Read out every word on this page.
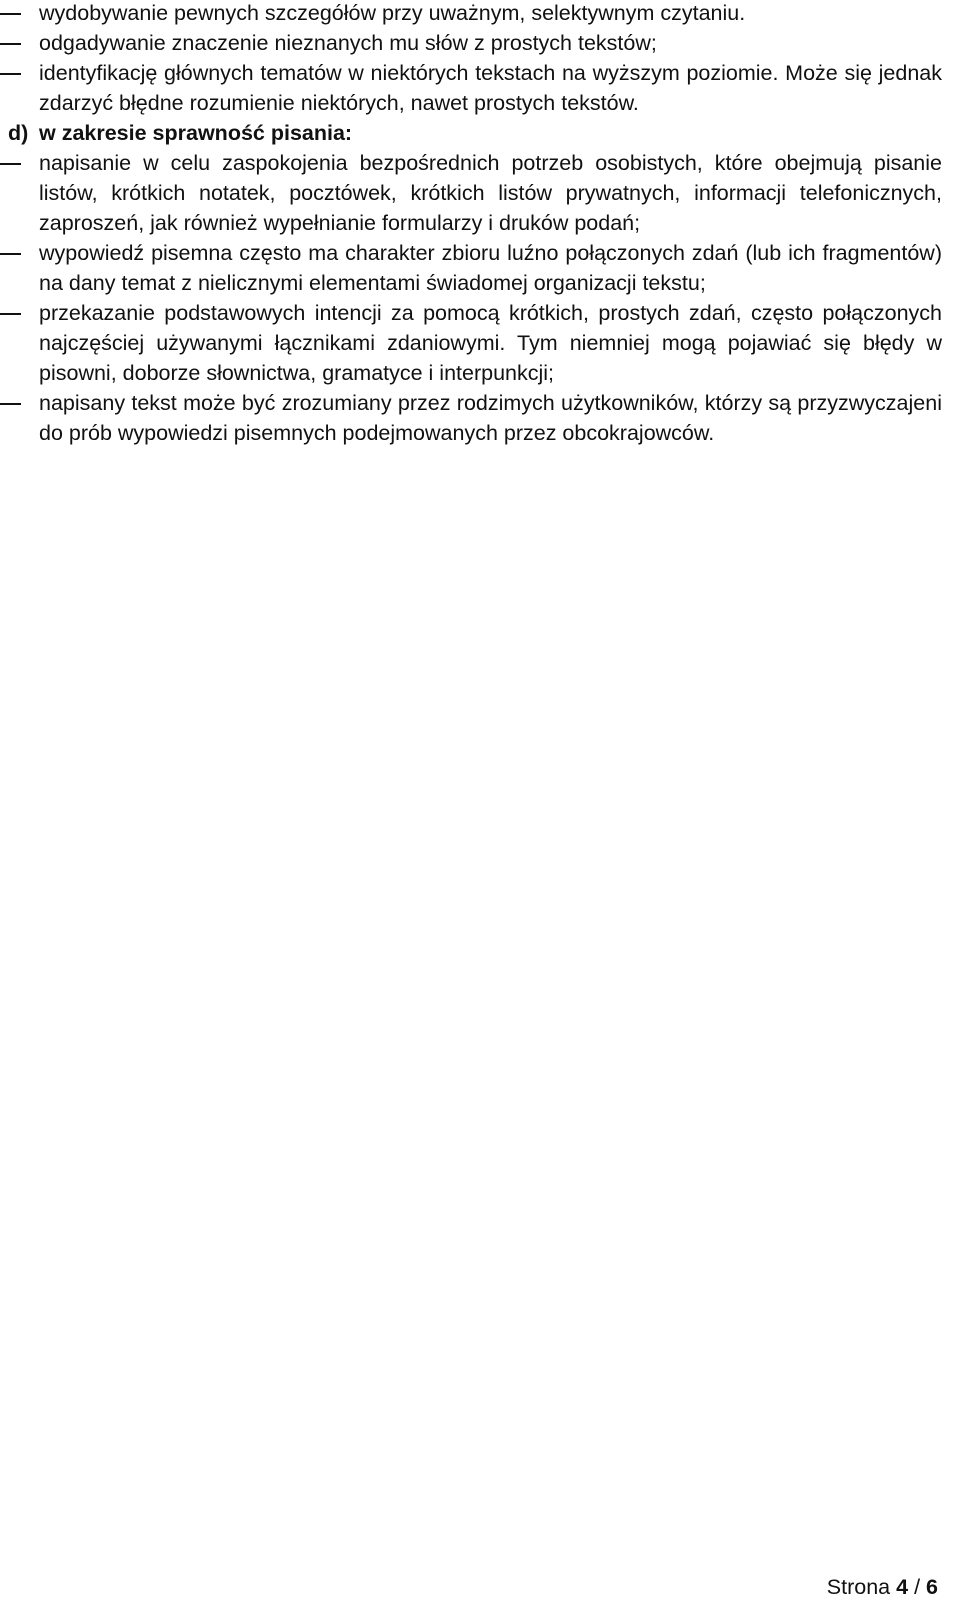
wydobywanie pewnych szczegółów przy uważnym, selektywnym czytaniu.
odgadywanie znaczenie nieznanych mu słów z prostych tekstów;
identyfikację głównych tematów w niektórych tekstach na wyższym poziomie. Może się jednak zdarzyć błędne rozumienie niektórych, nawet prostych tekstów.
d) w zakresie sprawność pisania:
napisanie w celu zaspokojenia bezpośrednich potrzeb osobistych, które obejmują pisanie listów, krótkich notatek, pocztówek, krótkich listów prywatnych, informacji telefonicznych, zaproszeń, jak również wypełnianie formularzy i druków podań;
wypowiedź pisemna często ma charakter zbioru luźno połączonych zdań (lub ich fragmentów) na dany temat z nielicznymi elementami świadomej organizacji tekstu;
przekazanie podstawowych intencji za pomocą krótkich, prostych zdań, często połączonych najczęściej używanymi łącznikami zdaniowymi. Tym niemniej mogą pojawiać się błędy w pisowni, doborze słownictwa, gramatyce i interpunkcji;
napisany tekst może być zrozumiany przez rodzimych użytkowników, którzy są przyzwyczajeni do prób wypowiedzi pisemnych podejmowanych przez obcokrajowców.
Strona 4 / 6
